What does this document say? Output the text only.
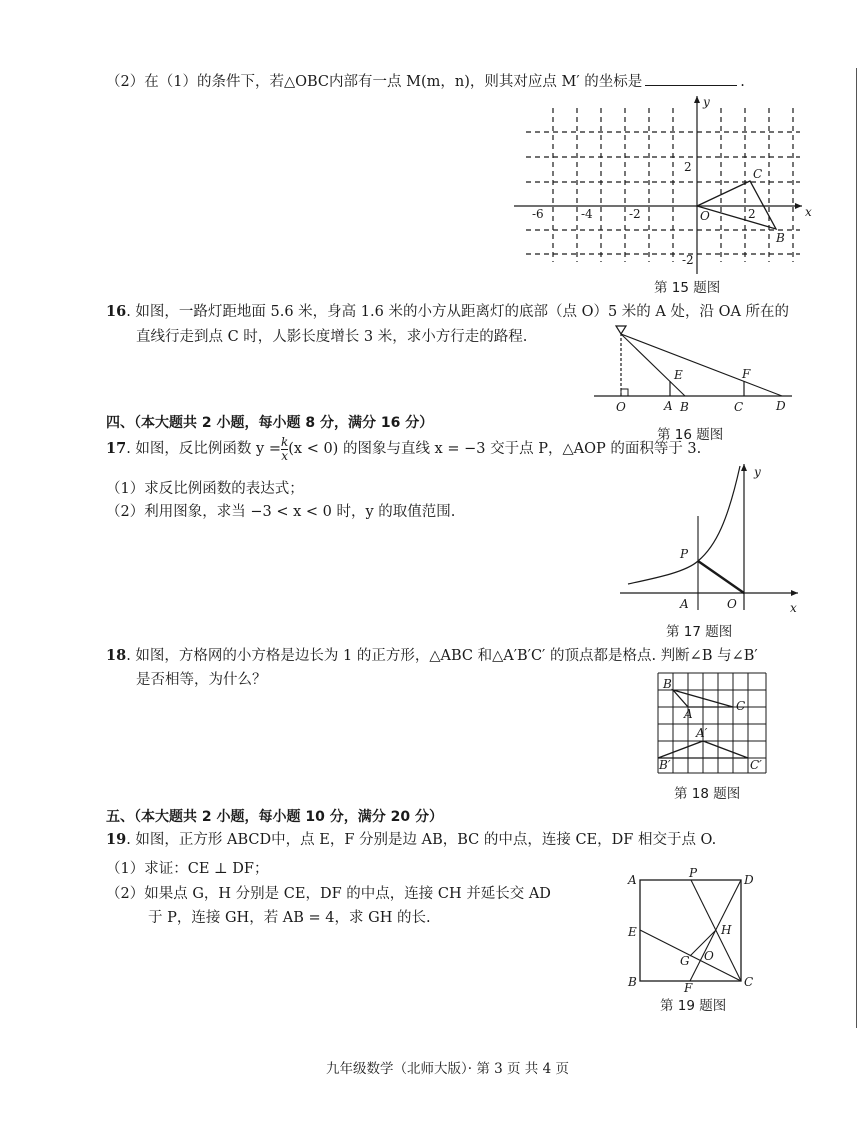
（2）在（1）的条件下，若△OBC内部有一点 M(m，n)，则其对应点 M′ 的坐标是	.
x
y
O
-6	-4	-2	2
2
-2
C
B
第 15 题图
16. 如图，一路灯距地面 5.6 米，身高 1.6 米的小方从距离灯的底部（点 O）5 米的 A 处，沿 OA 所在的
直线行走到点 C 时，人影长度增长 3 米，求小方行走的路程.
E	F
O	A B	C	D
第 16 题图
四、（本大题共 2 小题，每小题 8 分，满分 16 分）
17. 如图，反比例函数 $y = \frac{k}{x} (x < 0)$ 的图象与直线 x = −3 交于点 P，△AOP 的面积等于 3.
（1）求反比例函数的表达式；
（2）利用图象，求当 −3 < x < 0 时，y 的取值范围.
y
P
A	O	x
第 17 题图
18. 如图，方格网的小方格是边长为 1 的正方形，△ABC 和△A′B′C′ 的顶点都是格点. 判断∠B 与∠B′
是否相等，为什么？	B
A
C
A′
B′	C′
第 18 题图
五、（本大题共 2 小题，每小题 10 分，满分 20 分）
19. 如图，正方形 ABCD中，点 E，F 分别是边 AB，BC 的中点，连接 CE，DF 相交于点 O.
（1）求证：CE ⊥ DF；
（2）如果点 G，H 分别是 CE，DF 的中点，连接 CH 并延长交 AD
于 P，连接 GH，若 AB = 4，求 GH 的长.
A	P	D
E	H
G O
B	F	C
第 19 题图
九年级数学（北师大版）· 第 3 页 共 4 页
